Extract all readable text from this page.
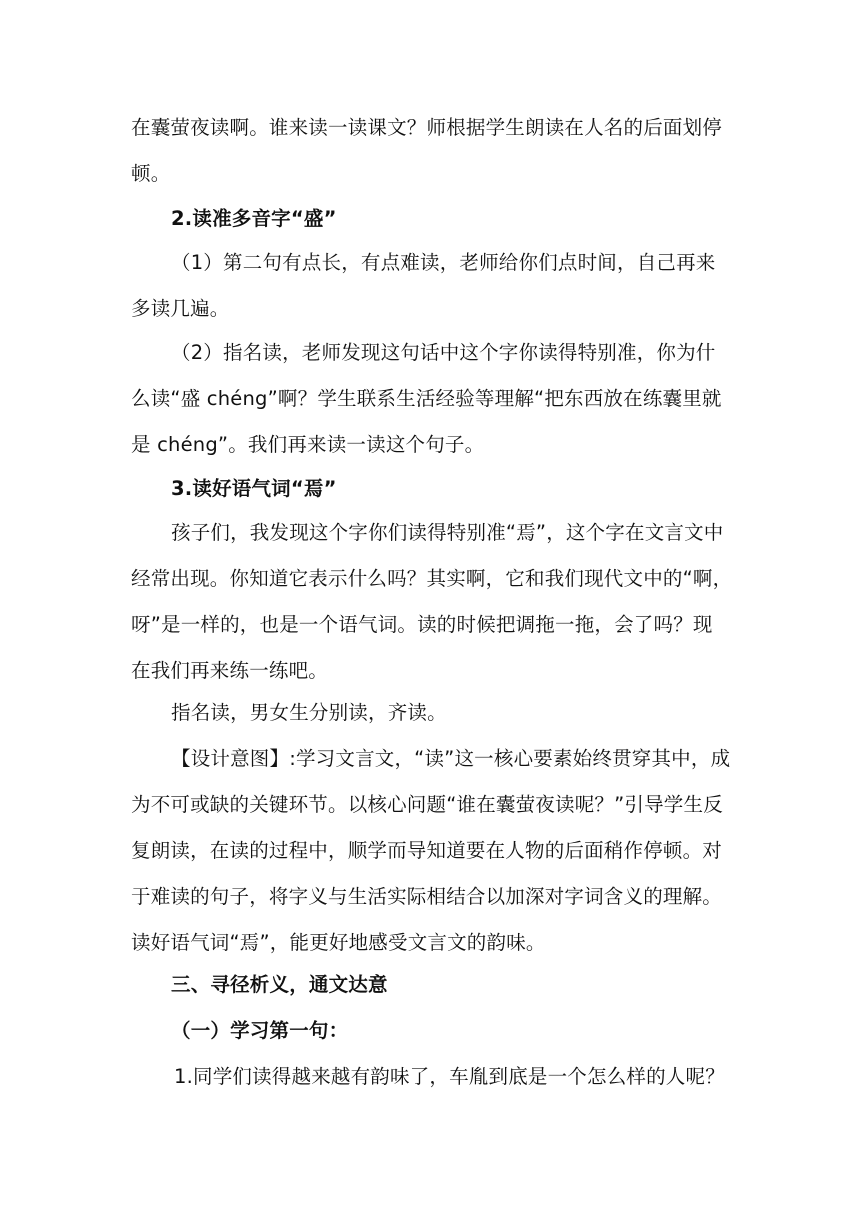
在囊萤夜读啊。谁来读一读课文？师根据学生朗读在人名的后面划停
顿。
2.读准多音字“盛”
（1）第二句有点长，有点难读，老师给你们点时间，自己再来
多读几遍。
（2）指名读，老师发现这句话中这个字你读得特别准，你为什
么读“盛 chéng”啊？学生联系生活经验等理解“把东西放在练囊里就
是 chéng”。我们再来读一读这个句子。
3.读好语气词“焉”
孩子们，我发现这个字你们读得特别准“焉”，这个字在文言文中
经常出现。你知道它表示什么吗？其实啊，它和我们现代文中的“啊，
呀”是一样的，也是一个语气词。读的时候把调拖一拖，会了吗？现
在我们再来练一练吧。
指名读，男女生分别读，齐读。
【设计意图】:学习文言文，“读”这一核心要素始终贯穿其中，成
为不可或缺的关键环节。以核心问题“谁在囊萤夜读呢？”引导学生反
复朗读，在读的过程中，顺学而导知道要在人物的后面稍作停顿。对
于难读的句子，将字义与生活实际相结合以加深对字词含义的理解。
读好语气词“焉”，能更好地感受文言文的韵味。
三、寻径析义，通文达意
（一）学习第一句：
1.同学们读得越来越有韵味了，车胤到底是一个怎么样的人呢？
